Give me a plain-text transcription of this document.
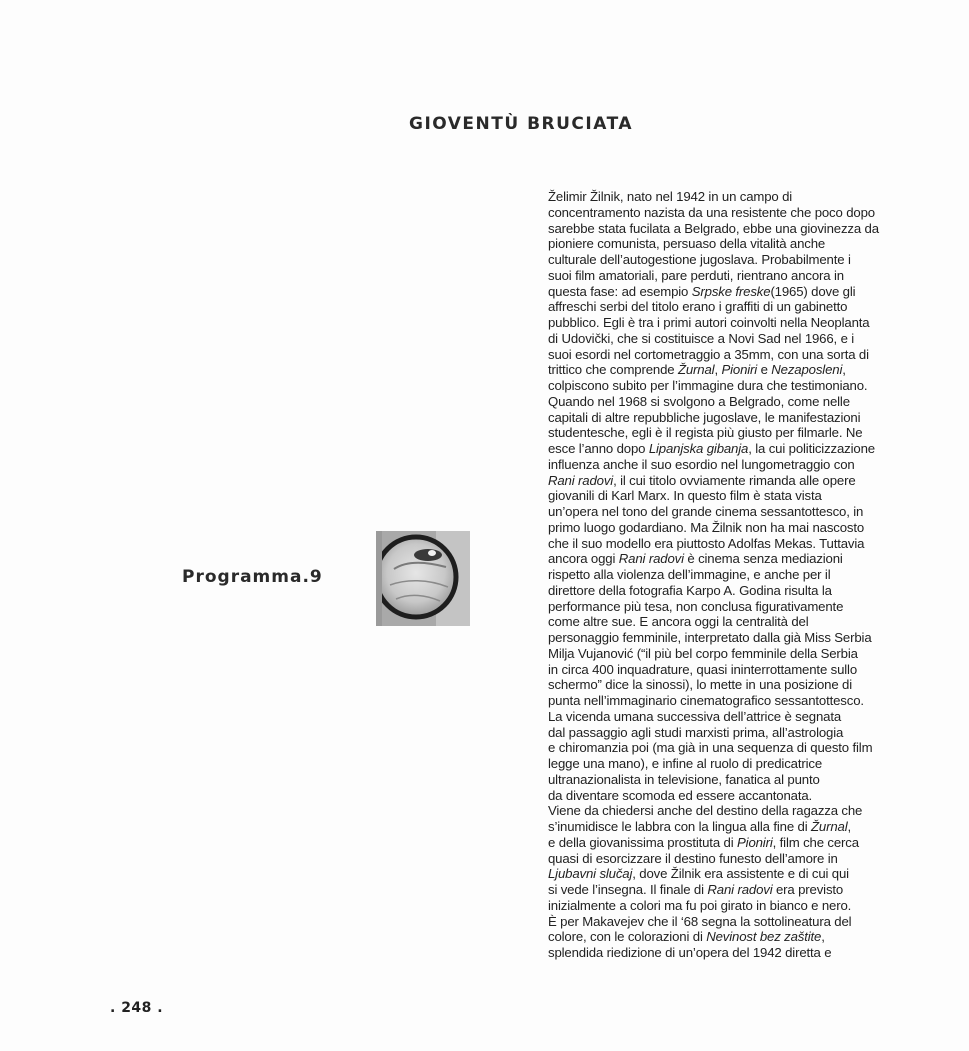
GIOVENTÙ BRUCIATA
Programma.9
Želimir Žilnik, nato nel 1942 in un campo di
concentramento nazista da una resistente che poco dopo
sarebbe stata fucilata a Belgrado, ebbe una giovinezza da
pioniere comunista, persuaso della vitalità anche
culturale dell’autogestione jugoslava. Probabilmente i
suoi film amatoriali, pare perduti, rientrano ancora in
questa fase: ad esempio Srpske freske(1965) dove gli
affreschi serbi del titolo erano i graffiti di un gabinetto
pubblico. Egli è tra i primi autori coinvolti nella Neoplanta
di Udovički, che si costituisce a Novi Sad nel 1966, e i
suoi esordi nel cortometraggio a 35mm, con una sorta di
trittico che comprende Žurnal, Pioniri e Nezaposleni,
colpiscono subito per l’immagine dura che testimoniano.
Quando nel 1968 si svolgono a Belgrado, come nelle
capitali di altre repubbliche jugoslave, le manifestazioni
studentesche, egli è il regista più giusto per filmarle. Ne
esce l’anno dopo Lipanjska gibanja, la cui politicizzazione
influenza anche il suo esordio nel lungometraggio con
Rani radovi, il cui titolo ovviamente rimanda alle opere
giovanili di Karl Marx. In questo film è stata vista
un’opera nel tono del grande cinema sessantottesco, in
primo luogo godardiano. Ma Žilnik non ha mai nascosto
che il suo modello era piuttosto Adolfas Mekas. Tuttavia
ancora oggi Rani radovi è cinema senza mediazioni
rispetto alla violenza dell’immagine, e anche per il
direttore della fotografia Karpo A. Godina risulta la
performance più tesa, non conclusa figurativamente
come altre sue. E ancora oggi la centralità del
personaggio femminile, interpretato dalla già Miss Serbia
Milja Vujanović (“il più bel corpo femminile della Serbia
in circa 400 inquadrature, quasi ininterrottamente sullo
schermo” dice la sinossi), lo mette in una posizione di
punta nell’immaginario cinematografico sessantottesco.
La vicenda umana successiva dell’attrice è segnata
dal passaggio agli studi marxisti prima, all’astrologia
e chiromanzia poi (ma già in una sequenza di questo film
legge una mano), e infine al ruolo di predicatrice
ultranazionalista in televisione, fanatica al punto
da diventare scomoda ed essere accantonata.
Viene da chiedersi anche del destino della ragazza che
s’inumidisce le labbra con la lingua alla fine di Žurnal,
e della giovanissima prostituta di Pioniri, film che cerca
quasi di esorcizzare il destino funesto dell’amore in
Ljubavni slučaj, dove Žilnik era assistente e di cui qui
si vede l’insegna. Il finale di Rani radovi era previsto
inizialmente a colori ma fu poi girato in bianco e nero.
È per Makavejev che il ‘68 segna la sottolineatura del
colore, con le colorazioni di Nevinost bez zaštite,
splendida riedizione di un’opera del 1942 diretta e
. 248 .
